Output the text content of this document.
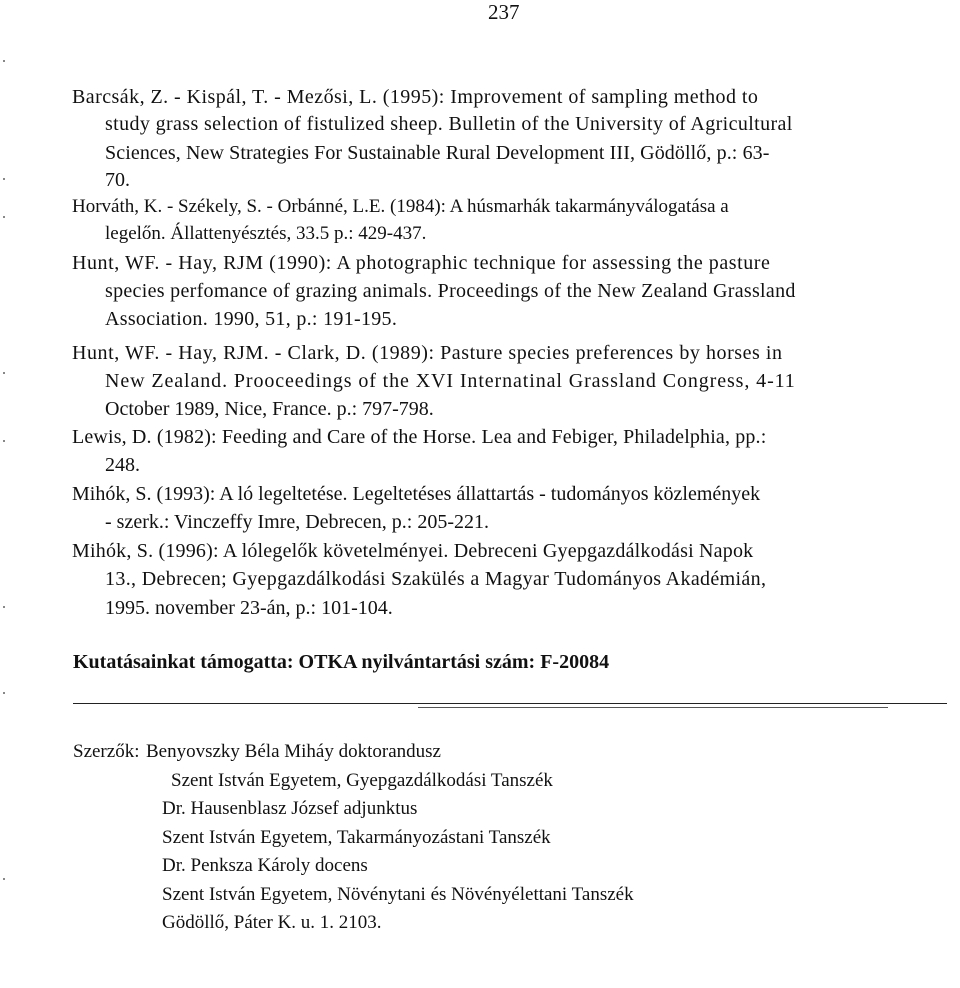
237
Barcsák, Z. - Kispál, T. - Mezősi, L. (1995): Improvement of sampling method to
study grass selection of fistulized sheep. Bulletin of the University of Agricultural
Sciences, New Strategies For Sustainable Rural Development III, Gödöllő, p.: 63-
70.
Horváth, K. - Székely, S. - Orbánné, L.E. (1984): A húsmarhák takarmányválogatása a
legelőn. Állattenyésztés, 33.5 p.: 429-437.
Hunt, WF. - Hay, RJM (1990): A photographic technique for assessing the pasture
species perfomance of grazing animals. Proceedings of the New Zealand Grassland
Association. 1990, 51, p.: 191-195.
Hunt, WF. - Hay, RJM. - Clark, D. (1989): Pasture species preferences by horses in
New Zealand. Prooceedings of the XVI Internatinal Grassland Congress, 4-11
October 1989, Nice, France. p.: 797-798.
Lewis, D. (1982): Feeding and Care of the Horse. Lea and Febiger, Philadelphia, pp.:
248.
Mihók, S. (1993): A ló legeltetése. Legeltetéses állattartás - tudományos közlemények
- szerk.: Vinczeffy Imre, Debrecen, p.: 205-221.
Mihók, S. (1996): A lólegelők követelményei. Debreceni Gyepgazdálkodási Napok
13., Debrecen; Gyepgazdálkodási Szakülés a Magyar Tudományos Akadémián,
1995. november 23-án, p.: 101-104.
Kutatásainkat támogatta: OTKA nyilvántartási szám: F-20084
Szerzők: Benyovszky Béla Miháy doktorandusz
Szent István Egyetem, Gyepgazdálkodási Tanszék
Dr. Hausenblasz József adjunktus
Szent István Egyetem, Takarmányozástani Tanszék
Dr. Penksza Károly docens
Szent István Egyetem, Növénytani és Növényélettani Tanszék
Gödöllő, Páter K. u. 1. 2103.
